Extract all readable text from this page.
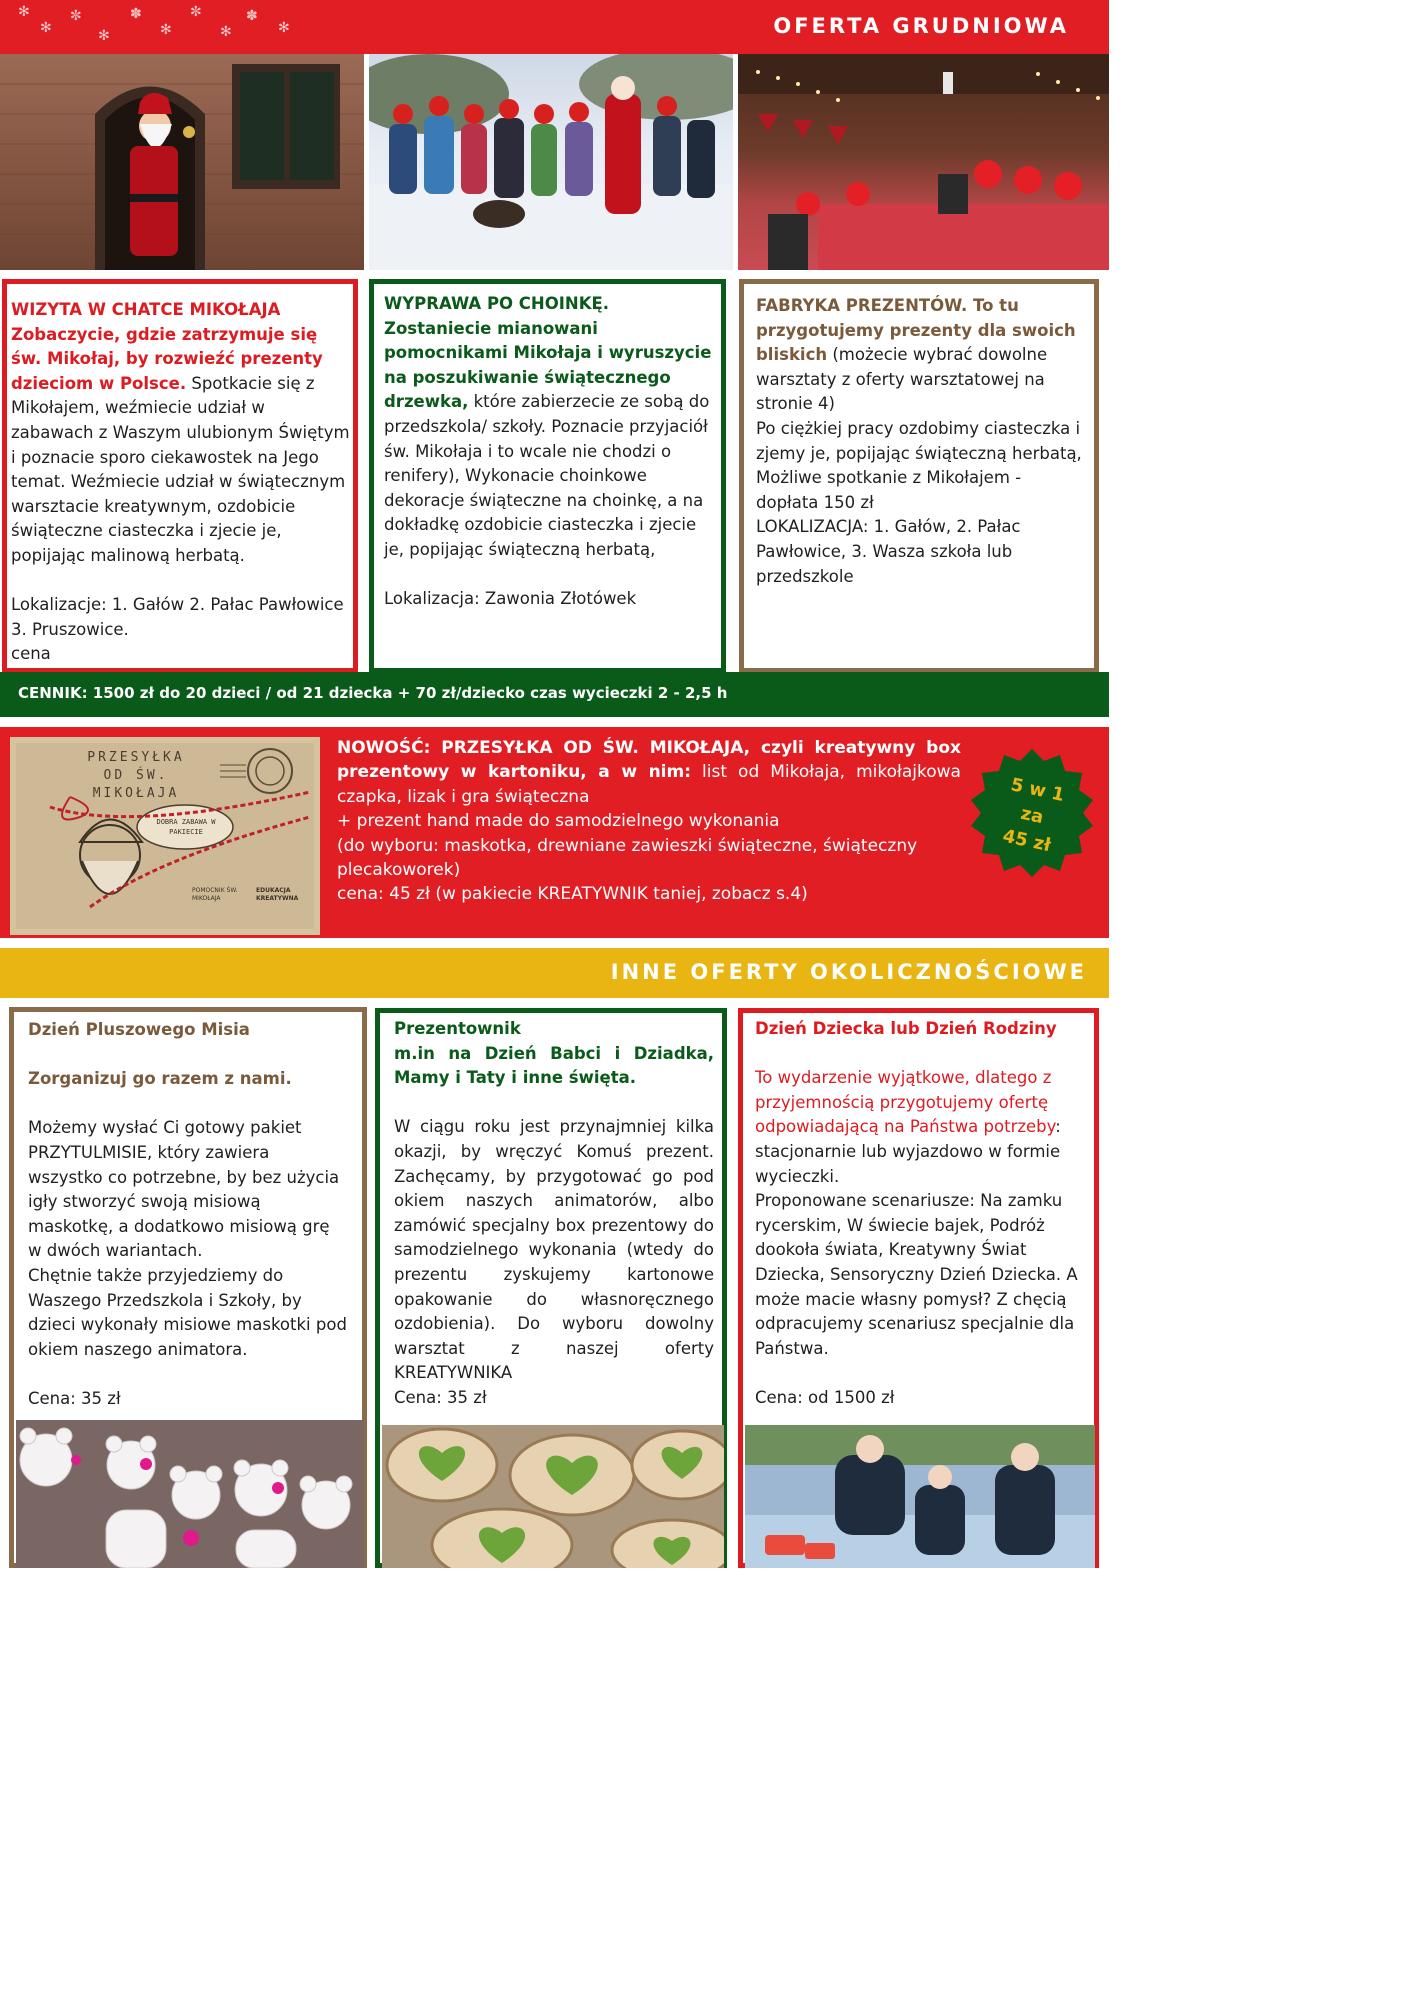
✻
✻
✼
✻
✽
✻
✼
✻
✽
✻	OFERTA GRUDNIOWA
WIZYTA W CHATCE MIKOŁAJA
Zobaczycie, gdzie zatrzymuje się św. Mikołaj, by rozwieźć prezenty dzieciom w Polsce. Spotkacie się z Mikołajem, weźmiecie udział w zabawach z Waszym ulubionym Świętym i poznacie sporo ciekawostek na Jego temat. Weźmiecie udział w świątecznym warsztacie kreatywnym, ozdobicie świąteczne ciasteczka i zjecie je, popijając malinową herbatą.

Lokalizacje: 1. Gałów 2. Pałac Pawłowice 3. Pruszowice.
cena
WYPRAWA PO CHOINKĘ. Zostaniecie mianowani pomocnikami Mikołaja i wyruszycie na poszukiwanie świątecznego drzewka, które zabierzecie ze sobą do przedszkola/ szkoły. Poznacie przyjaciół św. Mikołaja i to wcale nie chodzi o renifery), Wykonacie choinkowe dekoracje świąteczne na choinkę, a na dokładkę ozdobicie ciasteczka i zjecie je, popijając świąteczną herbatą,

Lokalizacja: Zawonia Złotówek
FABRYKA PREZENTÓW. To tu przygotujemy prezenty dla swoich bliskich (możecie wybrać dowolne warsztaty z oferty warsztatowej na stronie 4)
Po ciężkiej pracy ozdobimy ciasteczka i zjemy je, popijając świąteczną herbatą, Możliwe spotkanie z Mikołajem - dopłata 150 zł
LOKALIZACJA: 1. Gałów, 2. Pałac Pawłowice, 3. Wasza szkoła lub przedszkole
CENNIK: 1500 zł do 20 dzieci / od 21 dziecka + 70 zł/dziecko czas wycieczki 2 - 2,5 h
PRZESYŁKA
OD ŚW. MIKOŁAJA
DOBRA ZABAWA W PAKIECIE
POMOCNIK ŚW. MIKOŁAJA
EDUKACJA KREATYWNA
NOWOŚĆ: PRZESYŁKA OD ŚW. MIKOŁAJA, czyli kreatywny box prezentowy w kartoniku, a w nim: list od Mikołaja, mikołajkowa czapka, lizak i gra świąteczna
+ prezent hand made do samodzielnego wykonania
(do wyboru: maskotka, drewniane zawieszki świąteczne, świąteczny plecakoworek)
cena: 45 zł (w pakiecie KREATYWNIK taniej, zobacz s.4)
5 w 1
za
45 zł
INNE OFERTY OKOLICZNOŚCIOWE
Dzień Pluszowego Misia

Zorganizuj go razem z nami.

Możemy wysłać Ci gotowy pakiet PRZYTULMISIE, który zawiera wszystko co potrzebne, by bez użycia igły stworzyć swoją misiową maskotkę, a dodatkowo misiową grę w dwóch wariantach.
Chętnie także przyjedziemy do Waszego Przedszkola i Szkoły, by dzieci wykonały misiowe maskotki pod okiem naszego animatora.

Cena: 35 zł
Prezentownik
m.in na Dzień Babci i Dziadka, Mamy i Taty i inne święta.

W ciągu roku jest przynajmniej kilka okazji, by wręczyć Komuś prezent. Zachęcamy, by przygotować go pod okiem naszych animatorów, albo zamówić specjalny box prezentowy do samodzielnego wykonania (wtedy do prezentu zyskujemy kartonowe opakowanie do własnoręcznego ozdobienia). Do wyboru dowolny warsztat z naszej oferty KREATYWNIKA
Cena: 35 zł
Dzień Dziecka lub Dzień Rodziny

To wydarzenie wyjątkowe, dlatego z przyjemnością przygotujemy ofertę odpowiadającą na Państwa potrzeby: stacjonarnie lub wyjazdowo w formie wycieczki.
Proponowane scenariusze: Na zamku rycerskim, W świecie bajek, Podróż dookoła świata, Kreatywny Świat Dziecka, Sensoryczny Dzień Dziecka. A może macie własny pomysł? Z chęcią odpracujemy scenariusz specjalnie dla Państwa.

Cena: od 1500 zł
